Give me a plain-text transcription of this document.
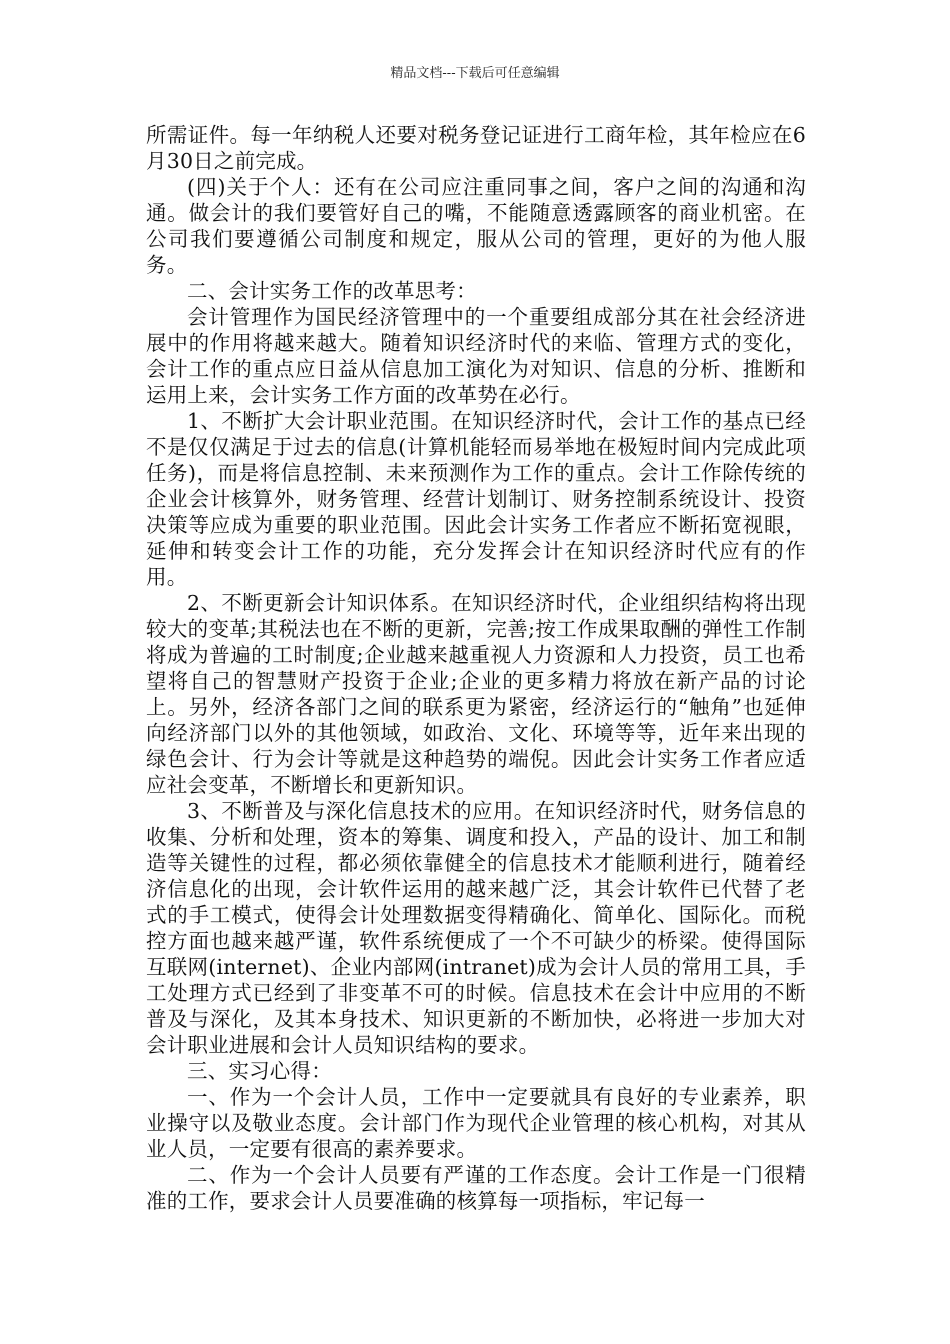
精品文档---下载后可任意编辑

所需证件。每一年纳税人还要对税务登记证进行工商年检，其年检应在6月30日之前完成。

(四)关于个人：还有在公司应注重同事之间，客户之间的沟通和沟通。做会计的我们要管好自己的嘴，不能随意透露顾客的商业机密。在公司我们要遵循公司制度和规定，服从公司的管理，更好的为他人服务。

二、会计实务工作的改革思考：

会计管理作为国民经济管理中的一个重要组成部分其在社会经济进展中的作用将越来越大。随着知识经济时代的来临、管理方式的变化，会计工作的重点应日益从信息加工演化为对知识、信息的分析、推断和运用上来，会计实务工作方面的改革势在必行。

1、不断扩大会计职业范围。在知识经济时代，会计工作的基点已经不是仅仅满足于过去的信息(计算机能轻而易举地在极短时间内完成此项任务)，而是将信息控制、未来预测作为工作的重点。会计工作除传统的企业会计核算外，财务管理、经营计划制订、财务控制系统设计、投资决策等应成为重要的职业范围。因此会计实务工作者应不断拓宽视眼，延伸和转变会计工作的功能，充分发挥会计在知识经济时代应有的作用。

2、不断更新会计知识体系。在知识经济时代，企业组织结构将出现较大的变革;其税法也在不断的更新，完善;按工作成果取酬的弹性工作制将成为普遍的工时制度;企业越来越重视人力资源和人力投资，员工也希望将自己的智慧财产投资于企业;企业的更多精力将放在新产品的讨论上。另外，经济各部门之间的联系更为紧密，经济运行的“触角”也延伸向经济部门以外的其他领域，如政治、文化、环境等等，近年来出现的绿色会计、行为会计等就是这种趋势的端倪。因此会计实务工作者应适应社会变革，不断增长和更新知识。

3、不断普及与深化信息技术的应用。在知识经济时代，财务信息的收集、分析和处理，资本的筹集、调度和投入，产品的设计、加工和制造等关键性的过程，都必须依靠健全的信息技术才能顺利进行，随着经济信息化的出现，会计软件运用的越来越广泛，其会计软件已代替了老式的手工模式，使得会计处理数据变得精确化、简单化、国际化。而税控方面也越来越严谨，软件系统便成了一个不可缺少的桥梁。使得国际互联网(internet)、企业内部网(intranet)成为会计人员的常用工具，手工处理方式已经到了非变革不可的时候。信息技术在会计中应用的不断普及与深化，及其本身技术、知识更新的不断加快，必将进一步加大对会计职业进展和会计人员知识结构的要求。

三、实习心得：

一、作为一个会计人员，工作中一定要就具有良好的专业素养，职业操守以及敬业态度。会计部门作为现代企业管理的核心机构，对其从业人员，一定要有很高的素养要求。

二、作为一个会计人员要有严谨的工作态度。会计工作是一门很精准的工作，要求会计人员要准确的核算每一项指标，牢记每一
